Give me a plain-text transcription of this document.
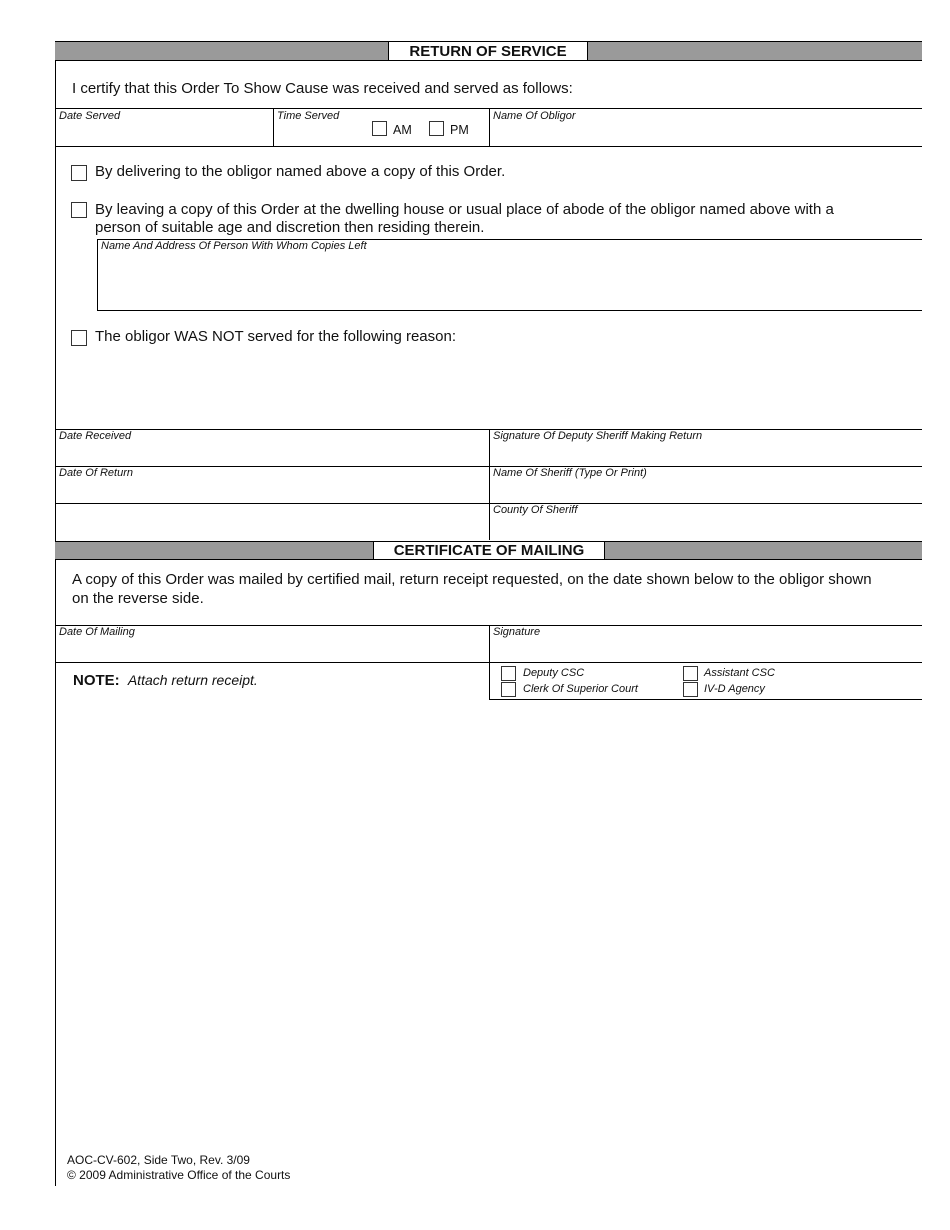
RETURN OF SERVICE
I certify that this Order To Show Cause was received and served as follows:
Date Served	Time Served
AM	PM
Name Of Obligor
By delivering to the obligor named above a copy of this Order.
By leaving a copy of this Order at the dwelling house or usual place of abode of the obligor named above with a
person of suitable age and discretion then residing therein.
Name And Address Of Person With Whom Copies Left
The obligor WAS NOT served for the following reason:
Date Received	Signature Of Deputy Sheriff Making Return
Date Of Return	Name Of Sheriff (Type Or Print)
County Of Sheriff
CERTIFICATE OF MAILING
A copy of this Order was mailed by certified mail, return receipt requested, on the date shown below to the obligor shown
on the reverse side.
Date Of Mailing	Signature
NOTE: Attach return receipt.	Deputy CSC	Assistant CSC
Clerk Of Superior Court	IV-D Agency
AOC-CV-602, Side Two, Rev. 3/09
© 2009 Administrative Office of the Courts
